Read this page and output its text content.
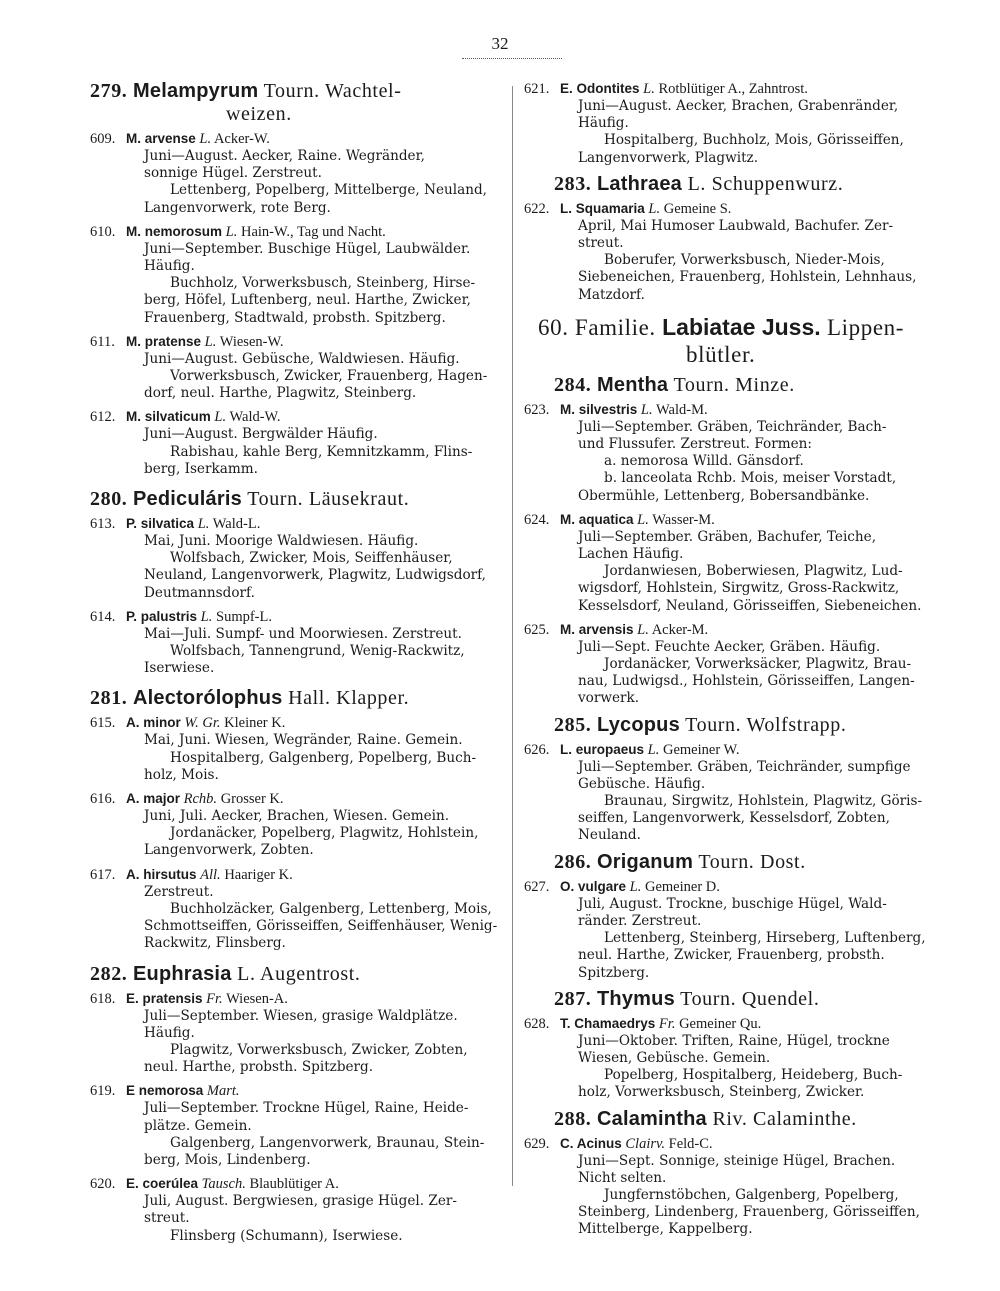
32
279. Melampyrum Tourn. Wachtel-
weizen.
609. M. arvense L. Acker-W.
Juni—August. Aecker, Raine. Wegränder,
sonnige Hügel. Zerstreut.
Lettenberg, Popelberg, Mittelberge, Neuland,
Langenvorwerk, rote Berg.
610. M. nemorosum L. Hain-W., Tag und Nacht.
Juni—September. Buschige Hügel, Laubwälder.
Häufig.
Buchholz, Vorwerksbusch, Steinberg, Hirse-
berg, Höfel, Luftenberg, neul. Harthe, Zwicker,
Frauenberg, Stadtwald, probsth. Spitzberg.
611. M. pratense L. Wiesen-W.
Juni—August. Gebüsche, Waldwiesen. Häufig.
Vorwerksbusch, Zwicker, Frauenberg, Hagen-
dorf, neul. Harthe, Plagwitz, Steinberg.
612. M. silvaticum L. Wald-W.
Juni—August. Bergwälder Häufig.
Rabishau, kahle Berg, Kemnitzkamm, Flins-
berg, Iserkamm.
280. Pediculáris Tourn. Läusekraut.
613. P. silvatica L. Wald-L.
Mai, Juni. Moorige Waldwiesen. Häufig.
Wolfsbach, Zwicker, Mois, Seiffenhäuser,
Neuland, Langenvorwerk, Plagwitz, Ludwigsdorf,
Deutmannsdorf.
614. P. palustris L. Sumpf-L.
Mai—Juli. Sumpf- und Moorwiesen. Zerstreut.
Wolfsbach, Tannengrund, Wenig-Rackwitz,
Iserwiese.
281. Alectorólophus Hall. Klapper.
615. A. minor W. Gr. Kleiner K.
Mai, Juni. Wiesen, Wegränder, Raine. Gemein.
Hospitalberg, Galgenberg, Popelberg, Buch-
holz, Mois.
616. A. major Rchb. Grosser K.
Juni, Juli. Aecker, Brachen, Wiesen. Gemein.
Jordanäcker, Popelberg, Plagwitz, Hohlstein,
Langenvorwerk, Zobten.
617. A. hirsutus All. Haariger K.
Zerstreut.
Buchholzäcker, Galgenberg, Lettenberg, Mois,
Schmottseiffen, Görisseiffen, Seiffenhäuser, Wenig-
Rackwitz, Flinsberg.
282. Euphrasia L. Augentrost.
618. E. pratensis Fr. Wiesen-A.
Juli—September. Wiesen, grasige Waldplätze.
Häufig.
Plagwitz, Vorwerksbusch, Zwicker, Zobten,
neul. Harthe, probsth. Spitzberg.
619. E nemorosa Mart.
Juli—September. Trockne Hügel, Raine, Heide-
plätze. Gemein.
Galgenberg, Langenvorwerk, Braunau, Stein-
berg, Mois, Lindenberg.
620. E. coerúlea Tausch. Blaublütiger A.
Juli, August. Bergwiesen, grasige Hügel. Zer-
streut.
Flinsberg (Schumann), Iserwiese.
621. E. Odontites L. Rotblütiger A., Zahntrost.
Juni—August. Aecker, Brachen, Grabenränder,
Häufig.
Hospitalberg, Buchholz, Mois, Görisseiffen,
Langenvorwerk, Plagwitz.
283. Lathraea L. Schuppenwurz.
622. L. Squamaria L. Gemeine S.
April, Mai Humoser Laubwald, Bachufer. Zer-
streut.
Boberufer, Vorwerksbusch, Nieder-Mois,
Siebeneichen, Frauenberg, Hohlstein, Lehnhaus,
Matzdorf.
60. Familie. Labiatae Juss. Lippen-
blütler.
284. Mentha Tourn. Minze.
623. M. silvestris L. Wald-M.
Juli—September. Gräben, Teichränder, Bach-
und Flussufer. Zerstreut. Formen:
a. nemorosa Willd. Gänsdorf.
b. lanceolata Rchb. Mois, meiser Vorstadt,
Obermühle, Lettenberg, Bobersandbänke.
624. M. aquatica L. Wasser-M.
Juli—September. Gräben, Bachufer, Teiche,
Lachen Häufig.
Jordanwiesen, Boberwiesen, Plagwitz, Lud-
wigsdorf, Hohlstein, Sirgwitz, Gross-Rackwitz,
Kesselsdorf, Neuland, Görisseiffen, Siebeneichen.
625. M. arvensis L. Acker-M.
Juli—Sept. Feuchte Aecker, Gräben. Häufig.
Jordanäcker, Vorwerksäcker, Plagwitz, Brau-
nau, Ludwigsd., Hohlstein, Görisseiffen, Langen-
vorwerk.
285. Lycopus Tourn. Wolfstrapp.
626. L. europaeus L. Gemeiner W.
Juli—September. Gräben, Teichränder, sumpfige
Gebüsche. Häufig.
Braunau, Sirgwitz, Hohlstein, Plagwitz, Göris-
seiffen, Langenvorwerk, Kesselsdorf, Zobten,
Neuland.
286. Origanum Tourn. Dost.
627. O. vulgare L. Gemeiner D.
Juli, August. Trockne, buschige Hügel, Wald-
ränder. Zerstreut.
Lettenberg, Steinberg, Hirseberg, Luftenberg,
neul. Harthe, Zwicker, Frauenberg, probsth.
Spitzberg.
287. Thymus Tourn. Quendel.
628. T. Chamaedrys Fr. Gemeiner Qu.
Juni—Oktober. Triften, Raine, Hügel, trockne
Wiesen, Gebüsche. Gemein.
Popelberg, Hospitalberg, Heideberg, Buch-
holz, Vorwerksbusch, Steinberg, Zwicker.
288. Calamintha Riv. Calaminthe.
629. C. Acinus Clairv. Feld-C.
Juni—Sept. Sonnige, steinige Hügel, Brachen.
Nicht selten.
Jungfernstöbchen, Galgenberg, Popelberg,
Steinberg, Lindenberg, Frauenberg, Görisseiffen,
Mittelberge, Kappelberg.
